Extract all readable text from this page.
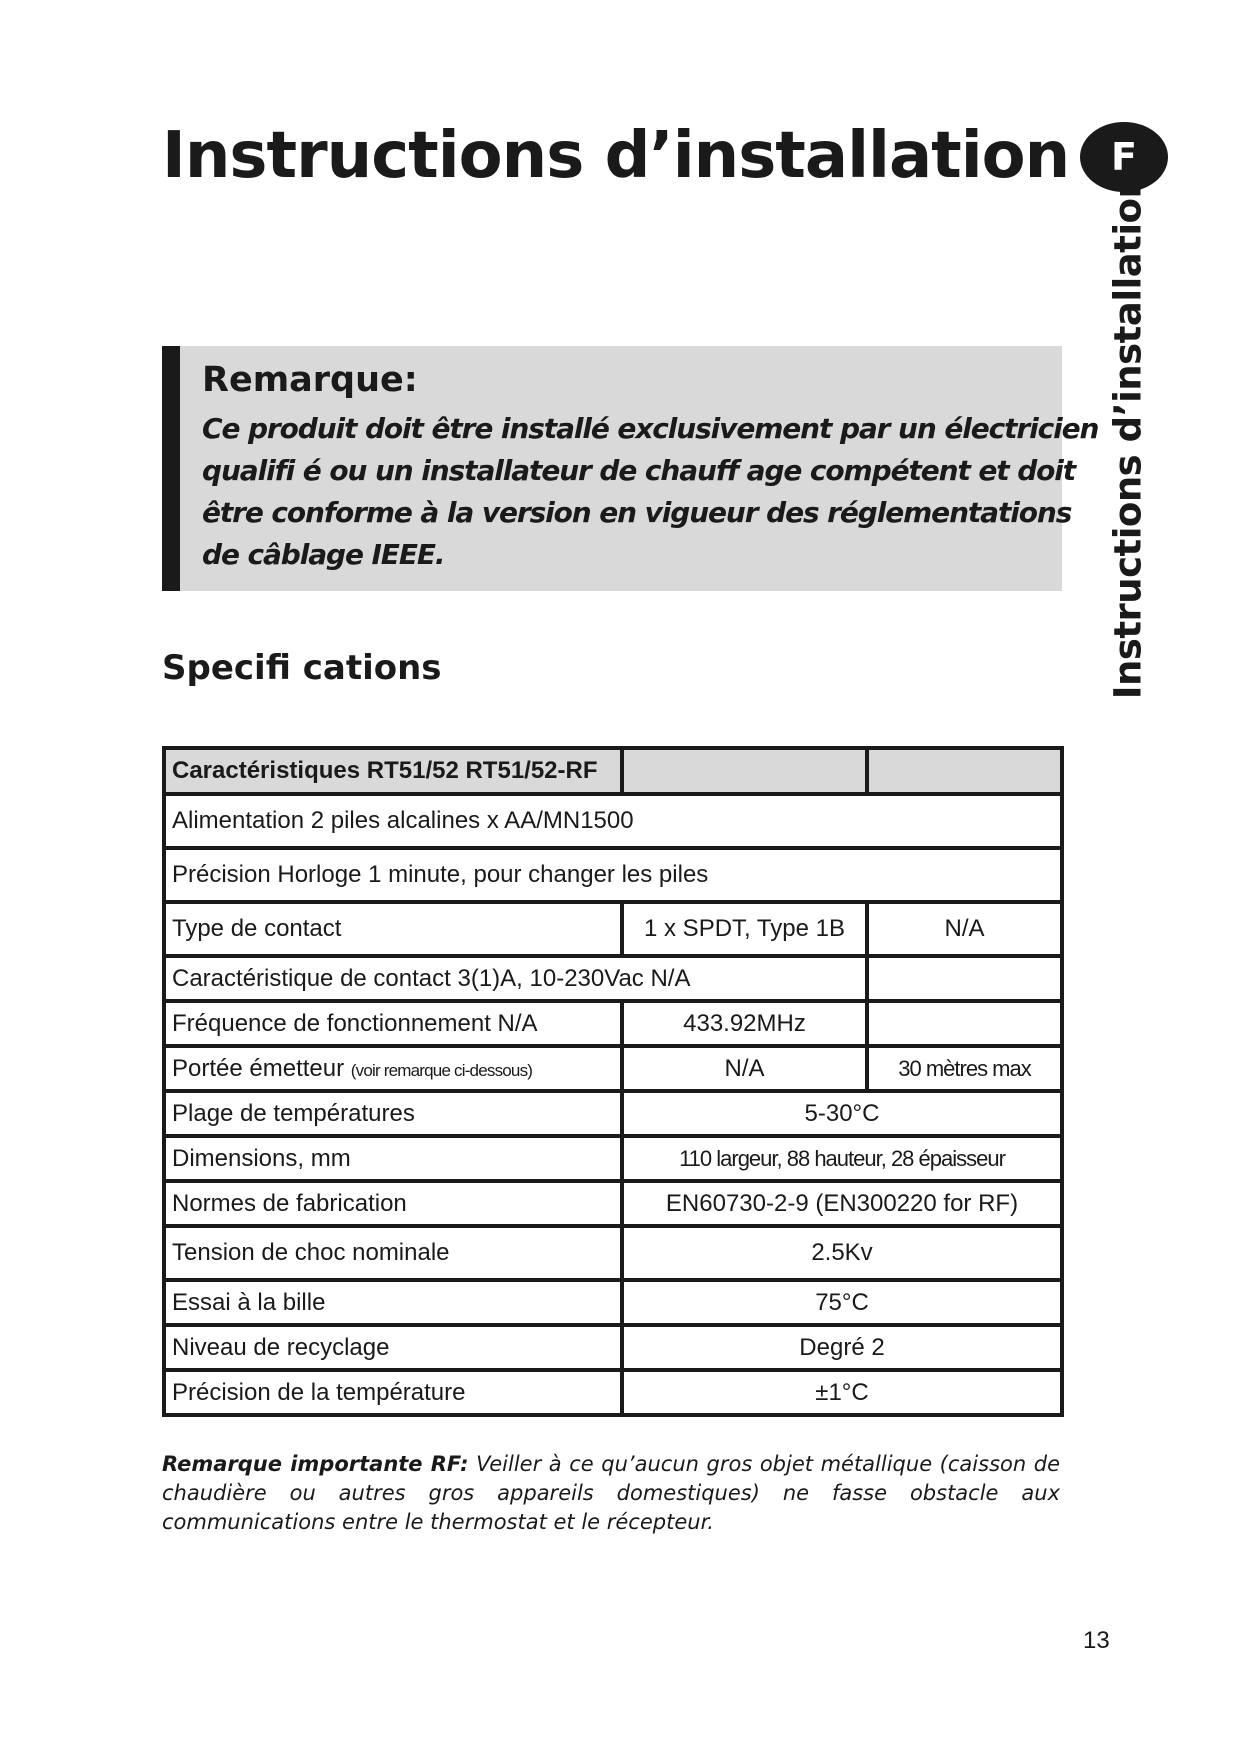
Instructions d’installation	F
Instructions d’installation

Remarque:

Ce produit doit être installé exclusivement par un électricien qualifi é ou un installateur de chauff age compétent et doit être conforme à la version en vigueur des réglementations de câblage IEEE.

Specifi cations
Caractéristiques RT51/52 RT51/52-RF		
Alimentation 2 piles alcalines x AA/MN1500		
Précision Horloge 1 minute, pour changer les piles		
Type de contact	1 x SPDT, Type 1B	N/A
Caractéristique de contact 3(1)A, 10-230Vac N/A		
Fréquence de fonctionnement N/A	433.92MHz	
Portée émetteur (voir remarque ci-dessous)	N/A	30 mètres max
Plage de températures	5-30°C	
Dimensions, mm	110 largeur, 88 hauteur, 28 épaisseur	
Normes de fabrication	EN60730-2-9 (EN300220 for RF)	
Tension de choc nominale	2.5Kv	
Essai à la bille	75°C	
Niveau de recyclage	Degré 2	
Précision de la température	±1°C	

Remarque importante RF: Veiller à ce qu’aucun gros objet métallique (caisson de chaudière ou autres gros appareils domestiques) ne fasse obstacle aux communications entre le thermostat et le récepteur.

13
